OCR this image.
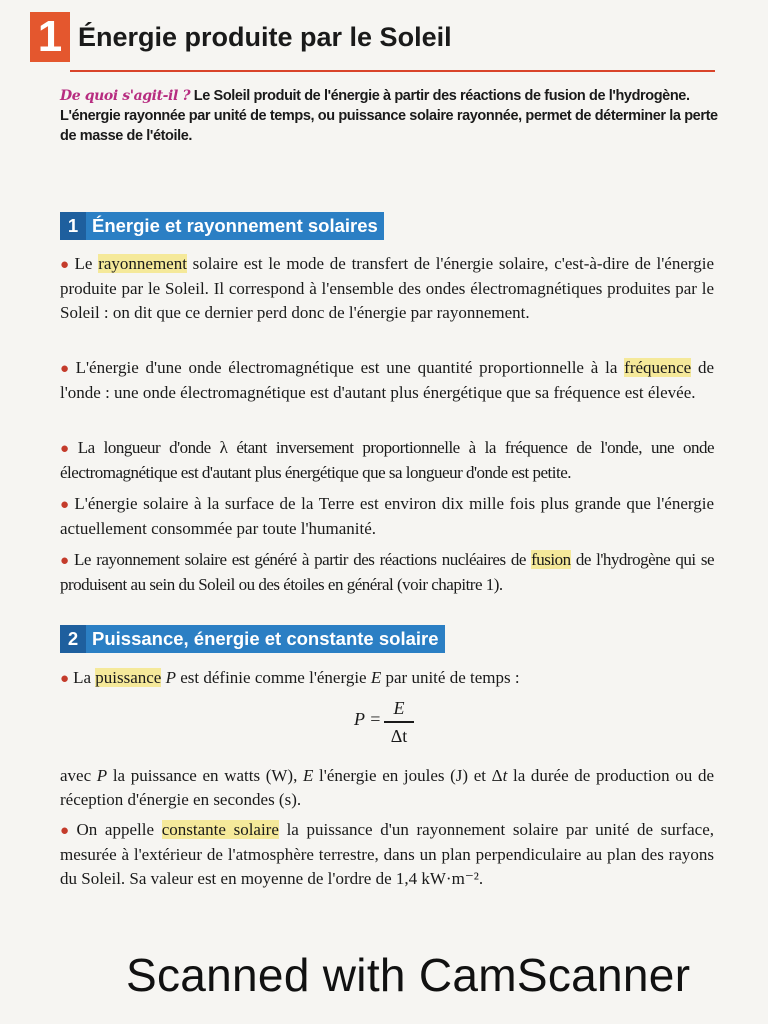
1 Énergie produite par le Soleil
De quoi s'agit-il ? Le Soleil produit de l'énergie à partir des réactions de fusion de l'hydrogène. L'énergie rayonnée par unité de temps, ou puissance solaire rayonnée, permet de déterminer la perte de masse de l'étoile.
1 Énergie et rayonnement solaires
● Le rayonnement solaire est le mode de transfert de l'énergie solaire, c'est-à-dire de l'énergie produite par le Soleil. Il correspond à l'ensemble des ondes électromagnétiques produites par le Soleil : on dit que ce dernier perd donc de l'énergie par rayonnement.
● L'énergie d'une onde électromagnétique est une quantité proportionnelle à la fréquence de l'onde : une onde électromagnétique est d'autant plus énergétique que sa fréquence est élevée.
● La longueur d'onde λ étant inversement proportionnelle à la fréquence de l'onde, une onde électromagnétique est d'autant plus énergétique que sa longueur d'onde est petite.
● L'énergie solaire à la surface de la Terre est environ dix mille fois plus grande que l'énergie actuellement consommée par toute l'humanité.
● Le rayonnement solaire est généré à partir des réactions nucléaires de fusion de l'hydrogène qui se produisent au sein du Soleil ou des étoiles en général (voir chapitre 1).
2 Puissance, énergie et constante solaire
● La puissance P est définie comme l'énergie E par unité de temps :
P =
E
Δt
avec P la puissance en watts (W), E l'énergie en joules (J) et Δt la durée de production ou de réception d'énergie en secondes (s).
● On appelle constante solaire la puissance d'un rayonnement solaire par unité de surface, mesurée à l'extérieur de l'atmosphère terrestre, dans un plan perpendiculaire au plan des rayons du Soleil. Sa valeur est en moyenne de l'ordre de 1,4 kW·m⁻².
Scanned with CamScanner
